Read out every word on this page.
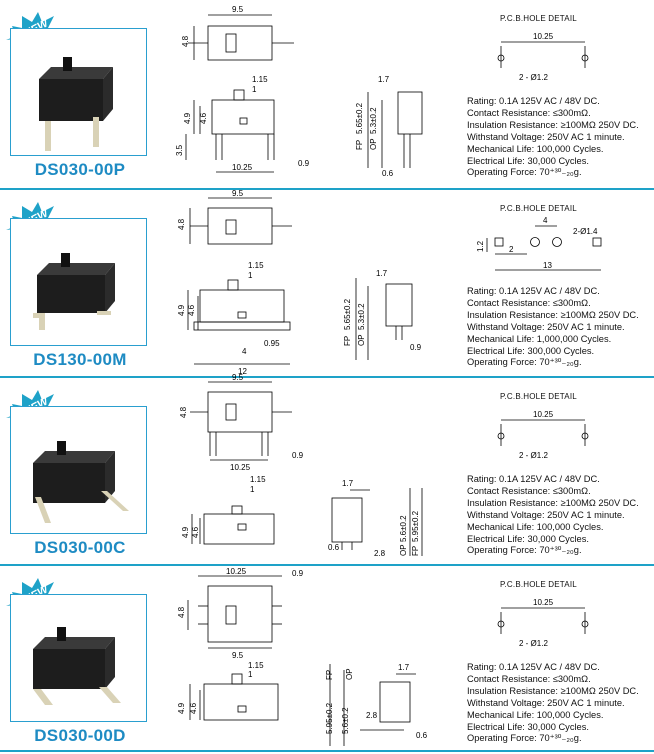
DS030-00P
9.5
4.8
1.15
1
4.9 4.6
3.5
10.25	0.9
1.7
FP
5.65±0.2
OP
5.3±0.2
0.6
P.C.B.HOLE DETAIL
10.25
2 - Ø1.2
Rating: 0.1A 125V AC / 48V DC.
Contact Resistance: ≤300mΩ.
Insulation Resistance: ≥100MΩ 250V DC.
Withstand Voltage: 250V AC 1 minute.
Mechanical Life: 100,000 Cycles.
Electrical Life: 30,000 Cycles.
Operating Force: 70⁺³⁰₋₂₀g.
DS130-00M
9.5
4.8
1.15
1
4.9 4.6
4
0.95
12
1.7
FP
5.65±0.2
OP
5.3±0.2
0.9
P.C.B.HOLE DETAIL
4
2-Ø1.4
2
1.2
13
Rating: 0.1A 125V AC / 48V DC.
Contact Resistance: ≤300mΩ.
Insulation Resistance: ≥100MΩ 250V DC.
Withstand Voltage: 250V AC 1 minute.
Mechanical Life: 1,000,000 Cycles.
Electrical Life: 300,000 Cycles.
Operating Force: 70⁺³⁰₋₂₀g.
DS030-00C
9.5
4.8
10.25
0.9
1.15
1
4.9 4.6
1.7
0.6
2.8 OP
5.6±0.2
FP
5.95±0.2
P.C.B.HOLE DETAIL
10.25
2 - Ø1.2
Rating: 0.1A 125V AC / 48V DC.
Contact Resistance: ≤300mΩ.
Insulation Resistance: ≥100MΩ 250V DC.
Withstand Voltage: 250V AC 1 minute.
Mechanical Life: 100,000 Cycles.
Electrical Life: 30,000 Cycles.
Operating Force: 70⁺³⁰₋₂₀g.
DS030-00D
10.25	0.9
9.5
4.8
1.15
1
4.9 4.6
FP OP
1.7
5.95±0.2 5.6±0.2 2.8
0.6
P.C.B.HOLE DETAIL
10.25
2 - Ø1.2
Rating: 0.1A 125V AC / 48V DC.
Contact Resistance: ≤300mΩ.
Insulation Resistance: ≥100MΩ 250V DC.
Withstand Voltage: 250V AC 1 minute.
Mechanical Life: 100,000 Cycles.
Electrical Life: 30,000 Cycles.
Operating Force: 70⁺³⁰₋₂₀g.
